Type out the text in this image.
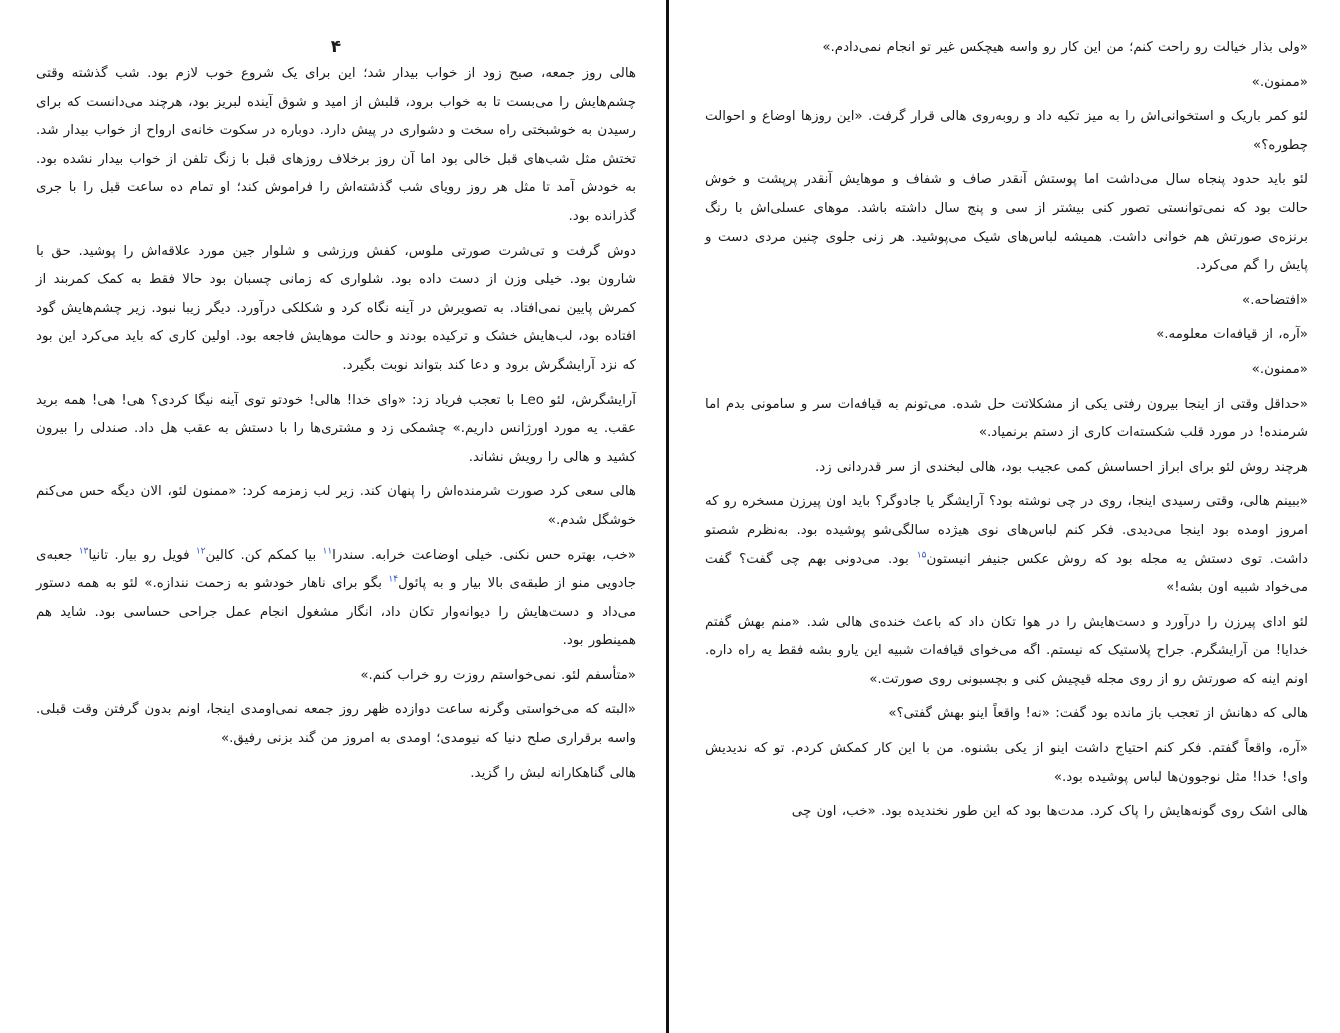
۴

هالی روز جمعه، صبح زود از خواب بیدار شد؛ این برای یک شروع خوب لازم بود. شب گذشته وقتی چشم‌هایش را می‌بست تا به خواب برود، قلبش از امید و شوق آینده لبریز بود، هرچند می‌دانست که برای رسیدن به خوشبختی راه سخت و دشواری در پیش دارد. دوباره در سکوت خانه‌ی ارواح از خواب بیدار شد. تختش مثل شب‌های قبل خالی بود اما آن روز برخلاف روزهای قبل با زنگ تلفن از خواب بیدار نشده بود. به خودش آمد تا مثل هر روز رویای شب گذشته‌اش را فراموش کند؛ او تمام ده ساعت قبل را با جری گذرانده بود.

دوش گرفت و تی‌شرت صورتی ملوس، کفش ورزشی و شلوار جین مورد علاقه‌اش را پوشید. حق با شارون بود. خیلی وزن از دست داده بود. شلواری که زمانی چسبان بود حالا فقط به کمک کمربند از کمرش پایین نمی‌افتاد. به تصویرش در آینه نگاه کرد و شکلکی درآورد. دیگر زیبا نبود. زیر چشم‌هایش گود افتاده بود، لب‌هایش خشک و ترکیده بودند و حالت موهایش فاجعه بود. اولین کاری که باید می‌کرد این بود که نزد آرایشگرش برود و دعا کند بتواند نوبت بگیرد.

آرایشگرش، لئو Leo با تعجب فریاد زد: «وای خدا! هالی! خودتو توی آینه نیگا کردی؟ هی! هی! همه برید عقب. یه مورد اورژانس داریم.» چشمکی زد و مشتری‌ها را با دستش به عقب هل داد. صندلی را بیرون کشید و هالی را رویش نشاند.

هالی سعی کرد صورت شرمنده‌اش را پنهان کند. زیر لب زمزمه کرد: «ممنون لئو، الان دیگه حس می‌کنم خوشگل شدم.»

«خب، بهتره حس نکنی. خیلی اوضاعت خرابه. سندرا$^{۱۱}$ بیا کمکم کن. کالین$^{۱۲}$ فویل رو بیار. تانیا$^{۱۳}$ جعبه‌ی جادویی منو از طبقه‌ی بالا بیار و به پائول$^{۱۴}$ بگو برای ناهار خودشو به زحمت نندازه.» لئو به همه دستور می‌داد و دست‌هایش را دیوانه‌وار تکان داد، انگار مشغول انجام عمل جراحی حساسی بود. شاید هم همینطور بود.

«متأسفم لئو. نمی‌خواستم روزت رو خراب کنم.»

«البته که می‌خواستی وگرنه ساعت دوازده ظهر روز جمعه نمی‌اومدی اینجا، اونم بدون گرفتن وقت قبلی. واسه برقراری صلح دنیا که نیومدی؛ اومدی به امروز من گند بزنی رفیق.»

هالی گناهکارانه لبش را گزید.

«ولی بذار خیالت رو راحت کنم؛ من این کار رو واسه هیچکس غیر تو انجام نمی‌دادم.»

«ممنون.»

لئو کمر باریک و استخوانی‌اش را به میز تکیه داد و روبه‌روی هالی قرار گرفت. «این روزها اوضاع و احوالت چطوره؟»

لئو باید حدود پنجاه سال می‌داشت اما پوستش آنقدر صاف و شفاف و موهایش آنقدر پرپشت و خوش حالت بود که نمی‌توانستی تصور کنی بیشتر از سی و پنج سال داشته باشد. موهای عسلی‌اش با رنگ برنزه‌ی صورتش هم خوانی داشت. همیشه لباس‌های شیک می‌پوشید. هر زنی جلوی چنین مردی دست و پایش را گم می‌کرد.

«افتضاحه.»

«آره، از قیافه‌ات معلومه.»

«ممنون.»

«حداقل وقتی از اینجا بیرون رفتی یکی از مشکلاتت حل شده. می‌تونم به قیافه‌ات سر و سامونی بدم اما شرمنده! در مورد قلب شکسته‌ات کاری از دستم برنمیاد.»

هرچند روش لئو برای ابراز احساسش کمی عجیب بود، هالی لبخندی از سر قدردانی زد.

«ببینم هالی، وقتی رسیدی اینجا، روی در چی نوشته بود؟ آرایشگر یا جادوگر؟ باید اون پیرزن مسخره رو که امروز اومده بود اینجا می‌دیدی. فکر کنم لباس‌های نوی هیژده سالگی‌شو پوشیده بود. به‌نظرم شصتو داشت. توی دستش یه مجله بود که روش عکس جنیفر انیستون$^{۱۵}$ بود. می‌دونی بهم چی گفت؟ گفت می‌خواد شبیه اون بشه!»

لئو ادای پیرزن را درآورد و دست‌هایش را در هوا تکان داد که باعث خنده‌ی هالی شد. «منم بهش گفتم خدایا! من آرایشگرم. جراح پلاستیک که نیستم. اگه می‌خوای قیافه‌ات شبیه این یارو بشه فقط یه راه داره. اونم اینه که صورتش رو از روی مجله قیچیش کنی و بچسبونی روی صورتت.»

هالی که دهانش از تعجب باز مانده بود گفت: «نه! واقعاً اینو بهش گفتی؟»

«آره، واقعاً گفتم. فکر کنم احتیاج داشت اینو از یکی بشنوه. من با این کار کمکش کردم. تو که ندیدیش وای! خدا! مثل نوجوون‌ها لباس پوشیده بود.»

هالی اشک روی گونه‌هایش را پاک کرد. مدت‌ها بود که این طور نخندیده بود. «خب، اون چی
